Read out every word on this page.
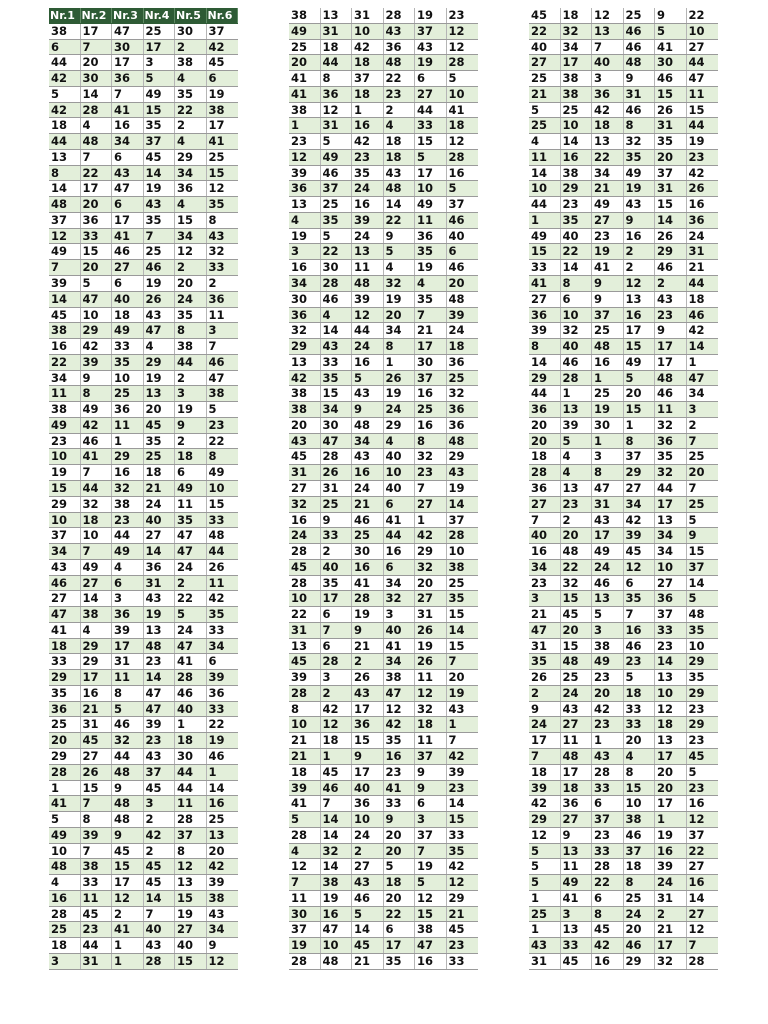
Nr.1 Nr.2 Nr.3 Nr.4 Nr.5 Nr.6
38	17	47	25	30	37
6	7	30	17	2	42
44	20	17	3	38	45
42	30	36	5	4	6
5	14	7	49	35	19
42	28	41	15	22	38
18	4	16	35	2	17
44	48	34	37	4	41
13	7	6	45	29	25
8	22	43	14	34	15
14	17	47	19	36	12
48	20	6	43	4	35
37	36	17	35	15	8
12	33	41	7	34	43
49	15	46	25	12	32
7	20	27	46	2	33
39	5	6	19	20	2
14	47	40	26	24	36
45	10	18	43	35	11
38	29	49	47	8	3
16	42	33	4	38	7
22	39	35	29	44	46
34	9	10	19	2	47
11	8	25	13	3	38
38	49	36	20	19	5
49	42	11	45	9	23
23	46	1	35	2	22
10	41	29	25	18	8
19	7	16	18	6	49
15	44	32	21	49	10
29	32	38	24	11	15
10	18	23	40	35	33
37	10	44	27	47	48
34	7	49	14	47	44
43	49	4	36	24	26
46	27	6	31	2	11
27	14	3	43	22	42
47	38	36	19	5	35
41	4	39	13	24	33
18	29	17	48	47	34
33	29	31	23	41	6
29	17	11	14	28	39
35	16	8	47	46	36
36	21	5	47	40	33
25	31	46	39	1	22
20	45	32	23	18	19
29	27	44	43	30	46
28	26	48	37	44	1
1	15	9	45	44	14
41	7	48	3	11	16
5	8	48	2	28	25
49	39	9	42	37	13
10	7	45	2	8	20
48	38	15	45	12	42
4	33	17	45	13	39
16	11	12	14	15	38
28	45	2	7	19	43
25	23	41	40	27	34
18	44	1	43	40	9
3	31	1	28	15	12
38	13	31	28	19	23
49	31	10	43	37	12
25	18	42	36	43	12
20	44	18	48	19	28
41	8	37	22	6	5
41	36	18	23	27	10
38	12	1	2	44	41
1	31	16	4	33	18
23	5	42	18	15	12
12	49	23	18	5	28
39	46	35	43	17	16
36	37	24	48	10	5
13	25	16	14	49	37
4	35	39	22	11	46
19	5	24	9	36	40
3	22	13	5	35	6
16	30	11	4	19	46
34	28	48	32	4	20
30	46	39	19	35	48
36	4	12	20	7	39
32	14	44	34	21	24
29	43	24	8	17	18
13	33	16	1	30	36
42	35	5	26	37	25
38	15	43	19	16	32
38	34	9	24	25	36
20	30	48	29	16	36
43	47	34	4	8	48
45	28	43	40	32	29
31	26	16	10	23	43
27	31	24	40	7	19
32	25	21	6	27	14
16	9	46	41	1	37
24	33	25	44	42	28
28	2	30	16	29	10
45	40	16	6	32	38
28	35	41	34	20	25
10	17	28	32	27	35
22	6	19	3	31	15
31	7	9	40	26	14
13	6	21	41	19	15
45	28	2	34	26	7
39	3	26	38	11	20
28	2	43	47	12	19
8	42	17	12	32	43
10	12	36	42	18	1
21	18	15	35	11	7
21	1	9	16	37	42
18	45	17	23	9	39
39	46	40	41	9	23
41	7	36	33	6	14
5	14	10	9	3	15
28	14	24	20	37	33
4	32	2	20	7	35
12	14	27	5	19	42
7	38	43	18	5	12
11	19	46	20	12	29
30	16	5	22	15	21
37	47	14	6	38	45
19	10	45	17	47	23
28	48	21	35	16	33
45	18	12	25	9	22
22	32	13	46	5	10
40	34	7	46	41	27
27	17	40	48	30	44
25	38	3	9	46	47
21	38	36	31	15	11
5	25	42	46	26	15
25	10	18	8	31	44
4	14	13	32	35	19
11	16	22	35	20	23
14	38	34	49	37	42
10	29	21	19	31	26
44	23	49	43	15	16
1	35	27	9	14	36
49	40	23	16	26	24
15	22	19	2	29	31
33	14	41	2	46	21
41	8	9	12	2	44
27	6	9	13	43	18
36	10	37	16	23	46
39	32	25	17	9	42
8	40	48	15	17	14
14	46	16	49	17	1
29	28	1	5	48	47
44	1	25	20	46	34
36	13	19	15	11	3
20	39	30	1	32	2
20	5	1	8	36	7
18	4	3	37	35	25
28	4	8	29	32	20
36	13	47	27	44	7
27	23	31	34	17	25
7	2	43	42	13	5
40	20	17	39	34	9
16	48	49	45	34	15
34	22	24	12	10	37
23	32	46	6	27	14
3	15	13	35	36	5
21	45	5	7	37	48
47	20	3	16	33	35
31	15	38	46	23	10
35	48	49	23	14	29
26	25	23	5	13	35
2	24	20	18	10	29
9	43	42	33	12	23
24	27	23	33	18	29
17	11	1	20	13	23
7	48	43	4	17	45
18	17	28	8	20	5
39	18	33	15	20	23
42	36	6	10	17	16
29	27	37	38	1	12
12	9	23	46	19	37
5	13	33	37	16	22
5	11	28	18	39	27
5	49	22	8	24	16
1	41	6	25	31	14
25	3	8	24	2	27
1	13	45	20	21	12
43	33	42	46	17	7
31	45	16	29	32	28
